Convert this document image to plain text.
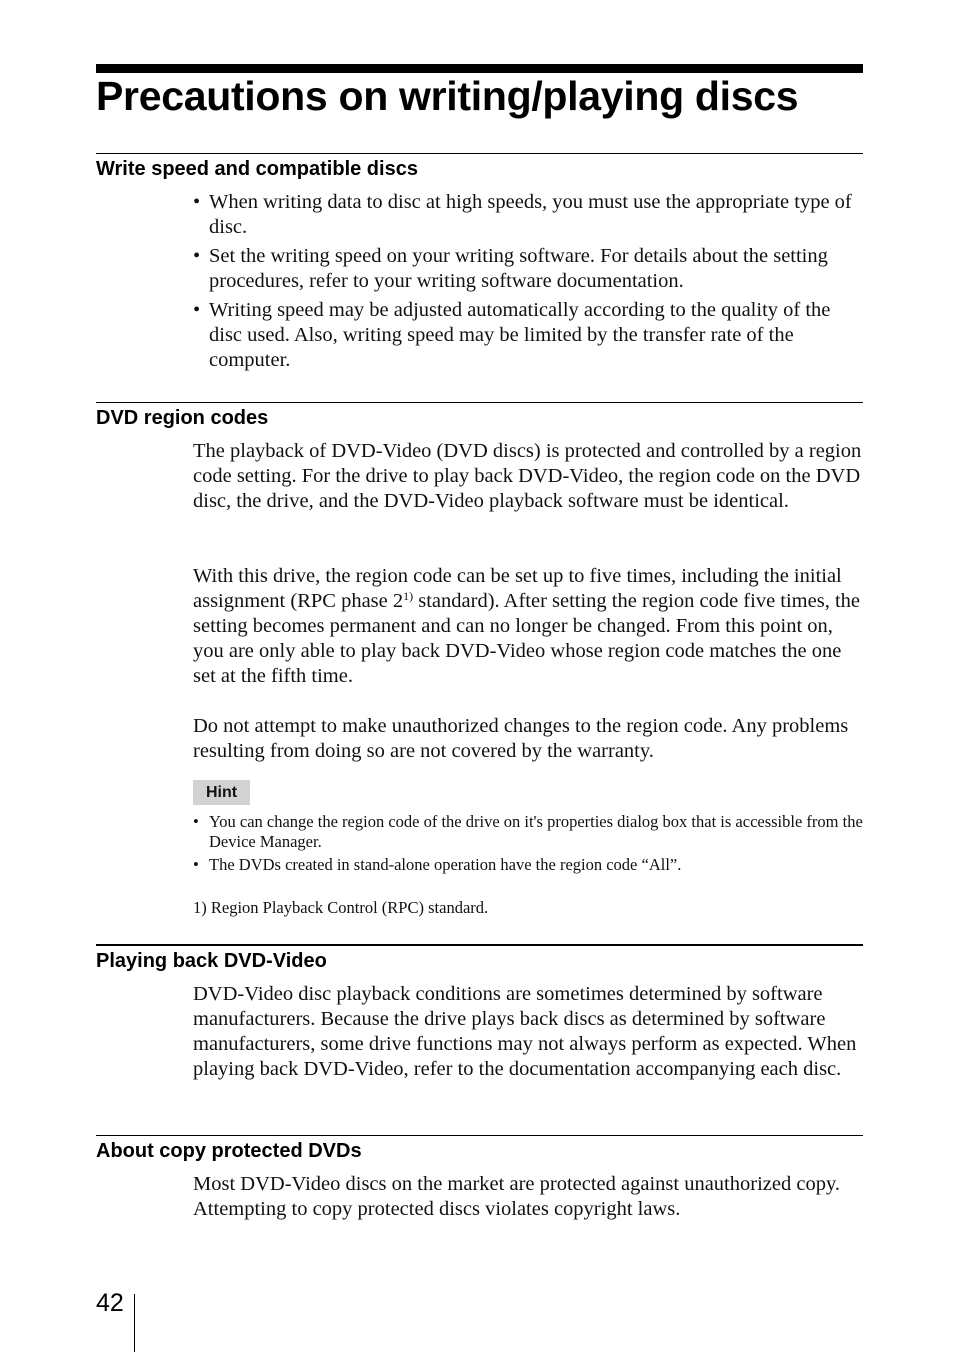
Precautions on writing/playing discs
Write speed and compatible discs
• When writing data to disc at high speeds, you must use the appropriate type of disc.
• Set the writing speed on your writing software. For details about the setting procedures, refer to your writing software documentation.
• Writing speed may be adjusted automatically according to the quality of the disc used. Also, writing speed may be limited by the transfer rate of the computer.
DVD region codes

The playback of DVD-Video (DVD discs) is protected and controlled by a region code setting. For the drive to play back DVD-Video, the region code on the DVD disc, the drive, and the DVD-Video playback software must be identical.

With this drive, the region code can be set up to five times, including the initial assignment (RPC phase 2$^{1)}$ standard). After setting the region code five times, the setting becomes permanent and can no longer be changed. From this point on, you are only able to play back DVD-Video whose region code matches the one set at the fifth time.

Do not attempt to make unauthorized changes to the region code. Any problems resulting from doing so are not covered by the warranty.

Hint
• You can change the region code of the drive on it's properties dialog box that is accessible from the Device Manager.
• The DVDs created in stand-alone operation have the region code “All”.
1) Region Playback Control (RPC) standard.
Playing back DVD-Video

DVD-Video disc playback conditions are sometimes determined by software manufacturers. Because the drive plays back discs as determined by software manufacturers, some drive functions may not always perform as expected. When playing back DVD-Video, refer to the documentation accompanying each disc.

About copy protected DVDs

Most DVD-Video discs on the market are protected against unauthorized copy. Attempting to copy protected discs violates copyright laws.

42
